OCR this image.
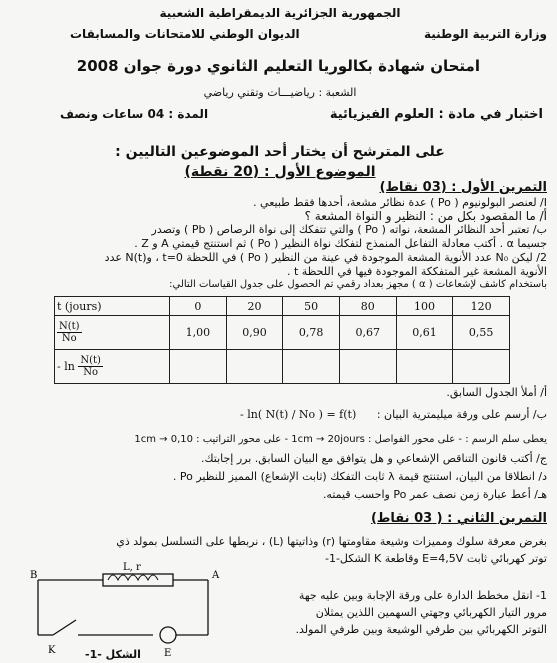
الجمهورية الجزائرية الديمقراطية الشعبية
وزارة التربية الوطنية
الديوان الوطني للامتحانات والمسابقات
امتحان شهادة بكالوريا التعليم الثانوي دورة جوان 2008
الشعبة : رياضيـــات وتقني رياضي
اختبار في مادة : العلوم الفيزيائية
المدة : 04 ساعات ونصف
على المترشح أن يختار أحد الموضوعين التاليين :
الموضوع الأول : (20 نقطة)
التمرين الأول : (03 نقاط)
I/ لعنصر البولونيوم ( Po ) عدة نظائر مشعة، أحدها فقط طبيعي .
أ/ ما المقصود بكل من : النظير و النواة المشعة ؟
ب/ تعتبر أحد النظائر المشعة، نواته ( Po ) والتي تتفكك إلى نواة الرصاص ( Pb ) وتصدر
جسيما α . أكتب معادلة التفاعل المنمذج لتفكك نواة النظير ( Po ) ثم استنتج قيمتي A و Z .
2/ ليكن N₀ عدد الأنوية المشعة الموجودة في عينة من النظير ( Po ) في اللحظة t=0 ، وN(t) عدد
الأنوية المشعة غير المتفككة الموجودة فيها في اللحظة t .
باستخدام كاشف لإشعاعات ( α ) مجهز بعداد رقمي تم الحصول على جدول القياسات التالي:
t (jours)	0	20	50	80	100	120

$\frac{N(t)}{No}$	1,00	0,90	0,78	0,67	0,61	0,55
- $\ln \frac{N(t)}{No}$

أ/ أملأ الجدول السابق.
ب/ أرسم على ورقة ميليمترية البيان :
- ln( N(t) / No ) = f(t)
يعطى سلم الرسم : - على محور الفواصل : 1cm → 20jours - على محور التراتيب : 1cm → 0,10
ج/ أكتب قانون التناقص الإشعاعي و هل يتوافق مع البيان السابق. برر إجابتك.
د/ انطلاقا من البيان، استنتج قيمة λ ثابت التفكك (ثابت الإشعاع) المميز للنظير Po .
هـ/ أعط عبارة زمن نصف عمر Po واحسب قيمته.
التمرين الثاني : ( 03 نقاط)
بغرض معرفة سلوك ومميزات وشيعة مقاومتها (r) وذاتيتها (L) ، نربطها على التسلسل بمولد ذي
توتر كهربائي ثابت E=4,5V وقاطعة K الشكل-1-
1- انقل مخطط الدارة على ورقة الإجابة وبين عليه جهة
مرور التيار الكهربائي وجهتي السهمين اللذين يمثلان
التوتر الكهربائي بين طرفي الوشيعة وبين طرفي المولد.
B	A
L, r
K	E
الشكل -1-
